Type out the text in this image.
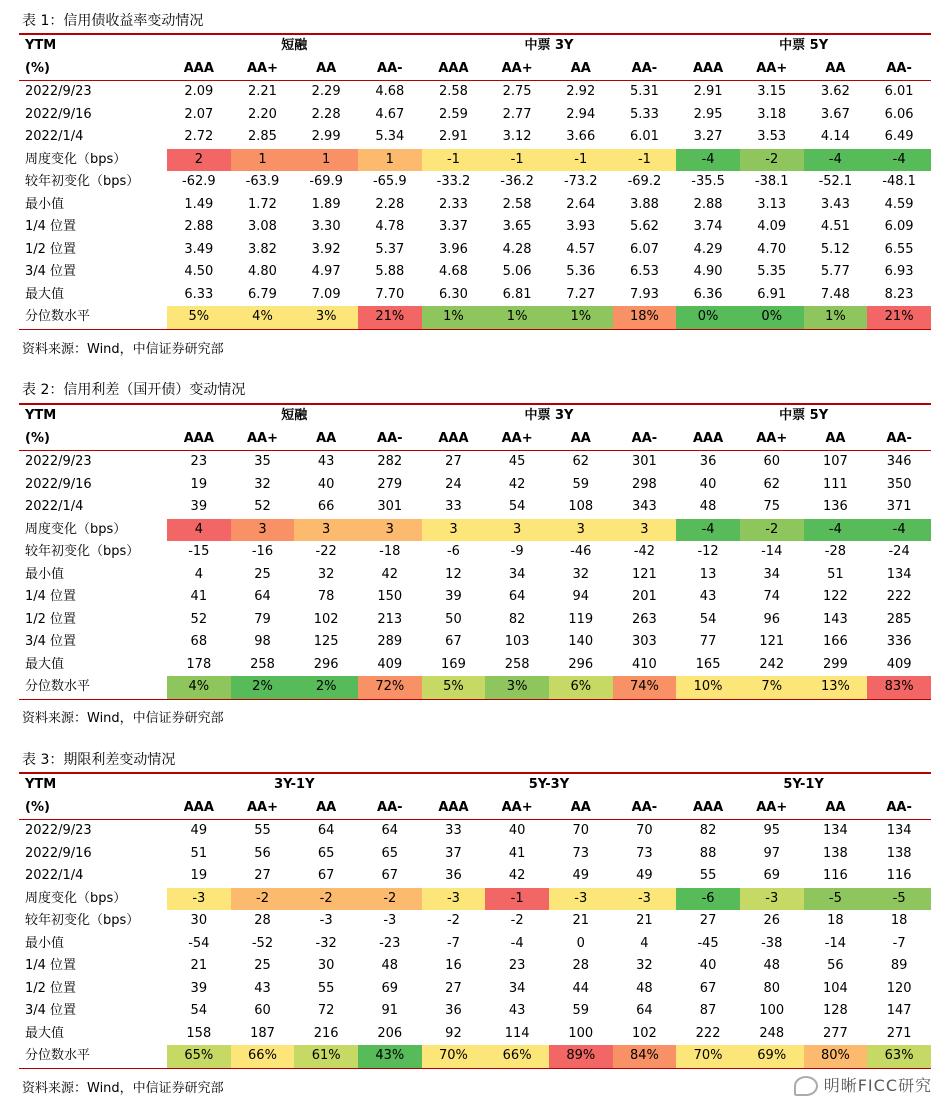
表 1：信用债收益率变动情况
YTM	短融				中票 3Y				中票 5Y			
(%)	AAA	AA+	AA	AA-	AAA	AA+	AA	AA-	AAA	AA+	AA	AA-
2022/9/23	2.09	2.21	2.29	4.68	2.58	2.75	2.92	5.31	2.91	3.15	3.62	6.01
2022/9/16	2.07	2.20	2.28	4.67	2.59	2.77	2.94	5.33	2.95	3.18	3.67	6.06
2022/1/4	2.72	2.85	2.99	5.34	2.91	3.12	3.66	6.01	3.27	3.53	4.14	6.49
周度变化（bps）	2	1	1	1	-1	-1	-1	-1	-4	-2	-4	-4
较年初变化（bps）	-62.9	-63.9	-69.9	-65.9	-33.2	-36.2	-73.2	-69.2	-35.5	-38.1	-52.1	-48.1
最小值	1.49	1.72	1.89	2.28	2.33	2.58	2.64	3.88	2.88	3.13	3.43	4.59
1/4 位置	2.88	3.08	3.30	4.78	3.37	3.65	3.93	5.62	3.74	4.09	4.51	6.09
1/2 位置	3.49	3.82	3.92	5.37	3.96	4.28	4.57	6.07	4.29	4.70	5.12	6.55
3/4 位置	4.50	4.80	4.97	5.88	4.68	5.06	5.36	6.53	4.90	5.35	5.77	6.93
最大值	6.33	6.79	7.09	7.70	6.30	6.81	7.27	7.93	6.36	6.91	7.48	8.23
分位数水平	5%	4%	3%	21%	1%	1%	1%	18%	0%	0%	1%	21%
资料来源：Wind，中信证券研究部
表 2：信用利差（国开债）变动情况
YTM	短融				中票 3Y				中票 5Y			
(%)	AAA	AA+	AA	AA-	AAA	AA+	AA	AA-	AAA	AA+	AA	AA-
2022/9/23	23	35	43	282	27	45	62	301	36	60	107	346
2022/9/16	19	32	40	279	24	42	59	298	40	62	111	350
2022/1/4	39	52	66	301	33	54	108	343	48	75	136	371
周度变化（bps）	4	3	3	3	3	3	3	3	-4	-2	-4	-4
较年初变化（bps）	-15	-16	-22	-18	-6	-9	-46	-42	-12	-14	-28	-24
最小值	4	25	32	42	12	34	32	121	13	34	51	134
1/4 位置	41	64	78	150	39	64	94	201	43	74	122	222
1/2 位置	52	79	102	213	50	82	119	263	54	96	143	285
3/4 位置	68	98	125	289	67	103	140	303	77	121	166	336
最大值	178	258	296	409	169	258	296	410	165	242	299	409
分位数水平	4%	2%	2%	72%	5%	3%	6%	74%	10%	7%	13%	83%
资料来源：Wind，中信证券研究部
表 3：期限利差变动情况
YTM	3Y-1Y				5Y-3Y				5Y-1Y			
(%)	AAA	AA+	AA	AA-	AAA	AA+	AA	AA-	AAA	AA+	AA	AA-
2022/9/23	49	55	64	64	33	40	70	70	82	95	134	134
2022/9/16	51	56	65	65	37	41	73	73	88	97	138	138
2022/1/4	19	27	67	67	36	42	49	49	55	69	116	116
周度变化（bps）	-3	-2	-2	-2	-3	-1	-3	-3	-6	-3	-5	-5
较年初变化（bps）	30	28	-3	-3	-2	-2	21	21	27	26	18	18
最小值	-54	-52	-32	-23	-7	-4	0	4	-45	-38	-14	-7
1/4 位置	21	25	30	48	16	23	28	32	40	48	56	89
1/2 位置	39	43	55	69	27	34	44	48	67	80	104	120
3/4 位置	54	60	72	91	36	43	59	64	87	100	128	147
最大值	158	187	216	206	92	114	100	102	222	248	277	271
分位数水平	65%	66%	61%	43%	70%	66%	89%	84%	70%	69%	80%	63%
资料来源：Wind，中信证券研究部	明晰FICC研究
